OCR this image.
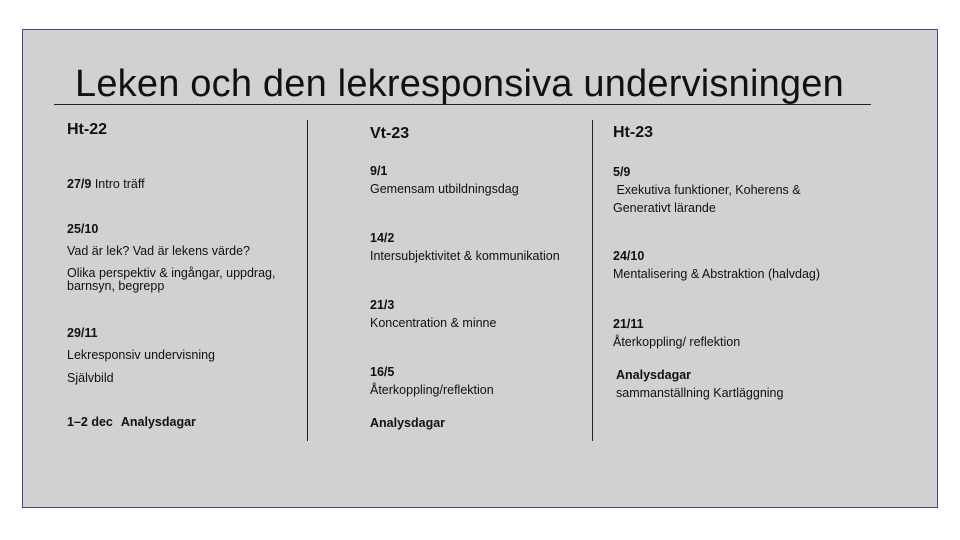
Leken och den lekresponsiva undervisningen
Ht-22
27/9 Intro träff
25/10
Vad är lek? Vad är lekens värde?
Olika perspektiv & ingångar, uppdrag,
barnsyn, begrepp
29/11
Lekresponsiv undervisning
Självbild
1–2 dec Analysdagar
Vt-23
9/1
Gemensam utbildningsdag
14/2
Intersubjektivitet & kommunikation
21/3
Koncentration & minne
16/5
Återkoppling/reflektion
Analysdagar
Ht-23
5/9
Exekutiva funktioner, Koherens &
Generativt lärande
24/10
Mentalisering & Abstraktion (halvdag)
21/11
Återkoppling/ reflektion
Analysdagar
sammanställning Kartläggning
